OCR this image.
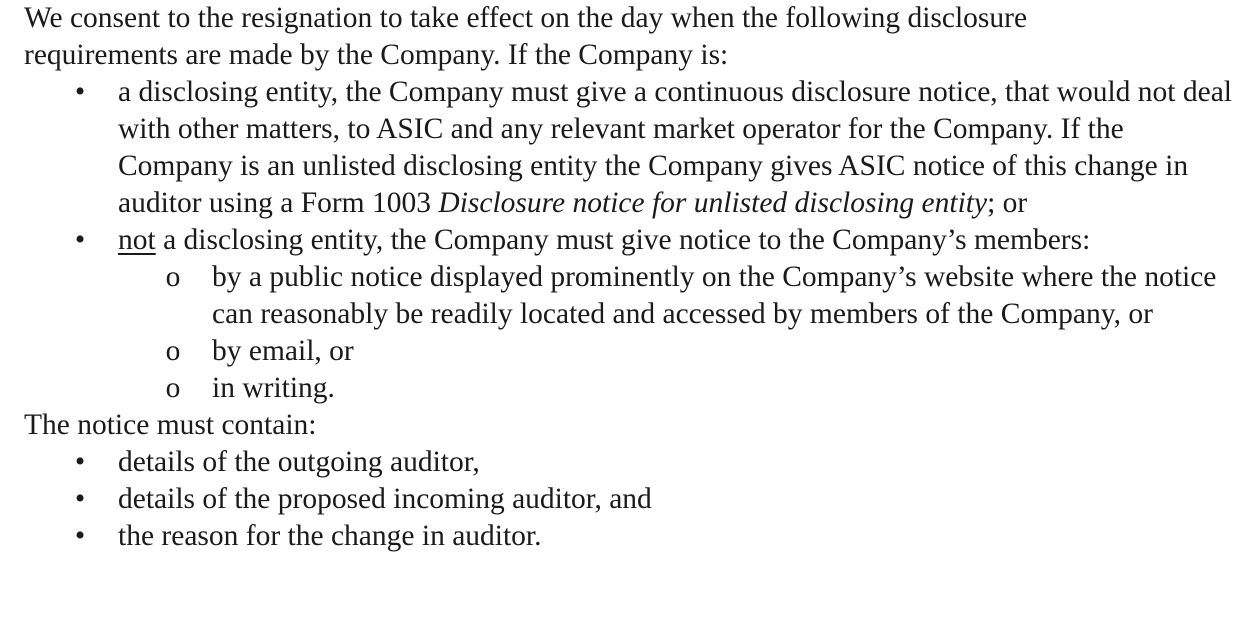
We consent to the resignation to take effect on the day when the following disclosure
requirements are made by the Company. If the Company is:

• a disclosing entity, the Company must give a continuous disclosure notice, that would not deal with other matters, to ASIC and any relevant market operator for the Company. If the Company is an unlisted disclosing entity the Company gives ASIC notice of this change in auditor using a Form 1003 Disclosure notice for unlisted disclosing entity; or
• not a disclosing entity, the Company must give notice to the Company’s members:
o by a public notice displayed prominently on the Company’s website where the notice can reasonably be readily located and accessed by members of the Company, or
o by email, or
o in writing.

The notice must contain:

• details of the outgoing auditor,
• details of the proposed incoming auditor, and
• the reason for the change in auditor.
